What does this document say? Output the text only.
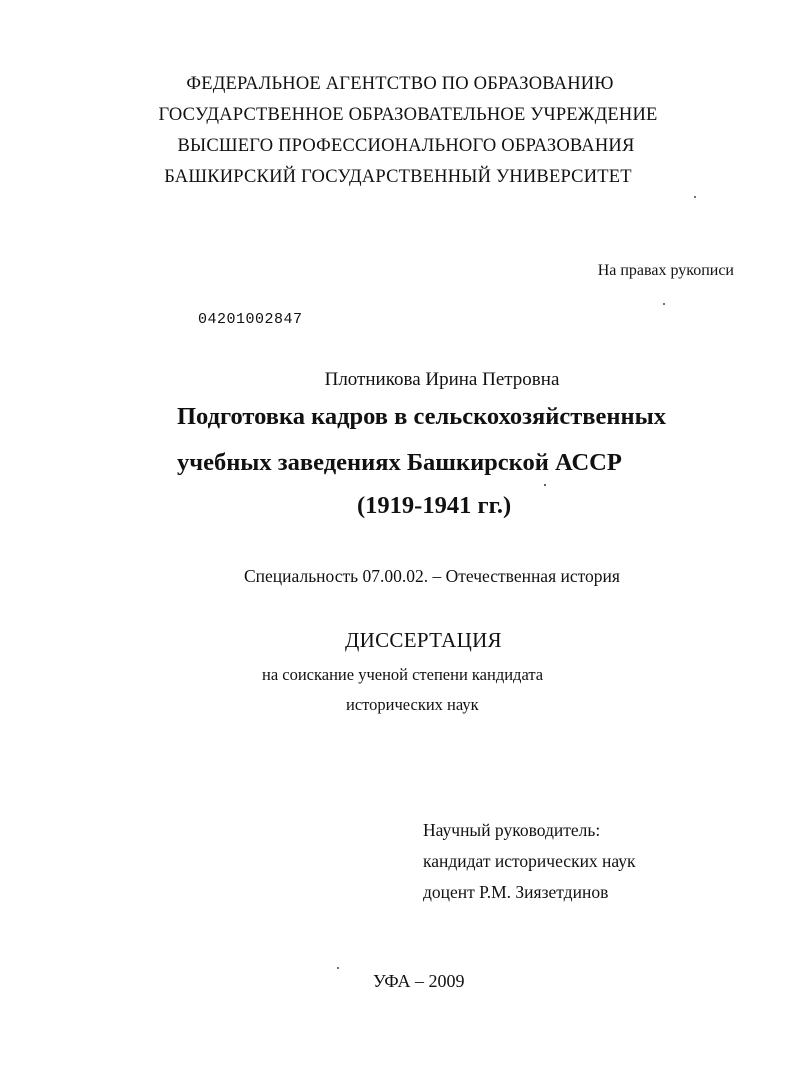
ФЕДЕРАЛЬНОЕ АГЕНТСТВО ПО ОБРАЗОВАНИЮ
ГОСУДАРСТВЕННОЕ ОБРАЗОВАТЕЛЬНОЕ УЧРЕЖДЕНИЕ
ВЫСШЕГО ПРОФЕССИОНАЛЬНОГО ОБРАЗОВАНИЯ
БАШКИРСКИЙ ГОСУДАРСТВЕННЫЙ УНИВЕРСИТЕТ
На правах рукописи
04201002847
Плотникова Ирина Петровна
Подготовка кадров в сельскохозяйственных
учебных заведениях Башкирской АССР
(1919-1941 гг.)
Специальность 07.00.02. – Отечественная история
ДИССЕРТАЦИЯ
на соискание ученой степени кандидата
исторических наук
Научный руководитель:
кандидат исторических наук
доцент Р.М. Зиязетдинов
УФА – 2009
